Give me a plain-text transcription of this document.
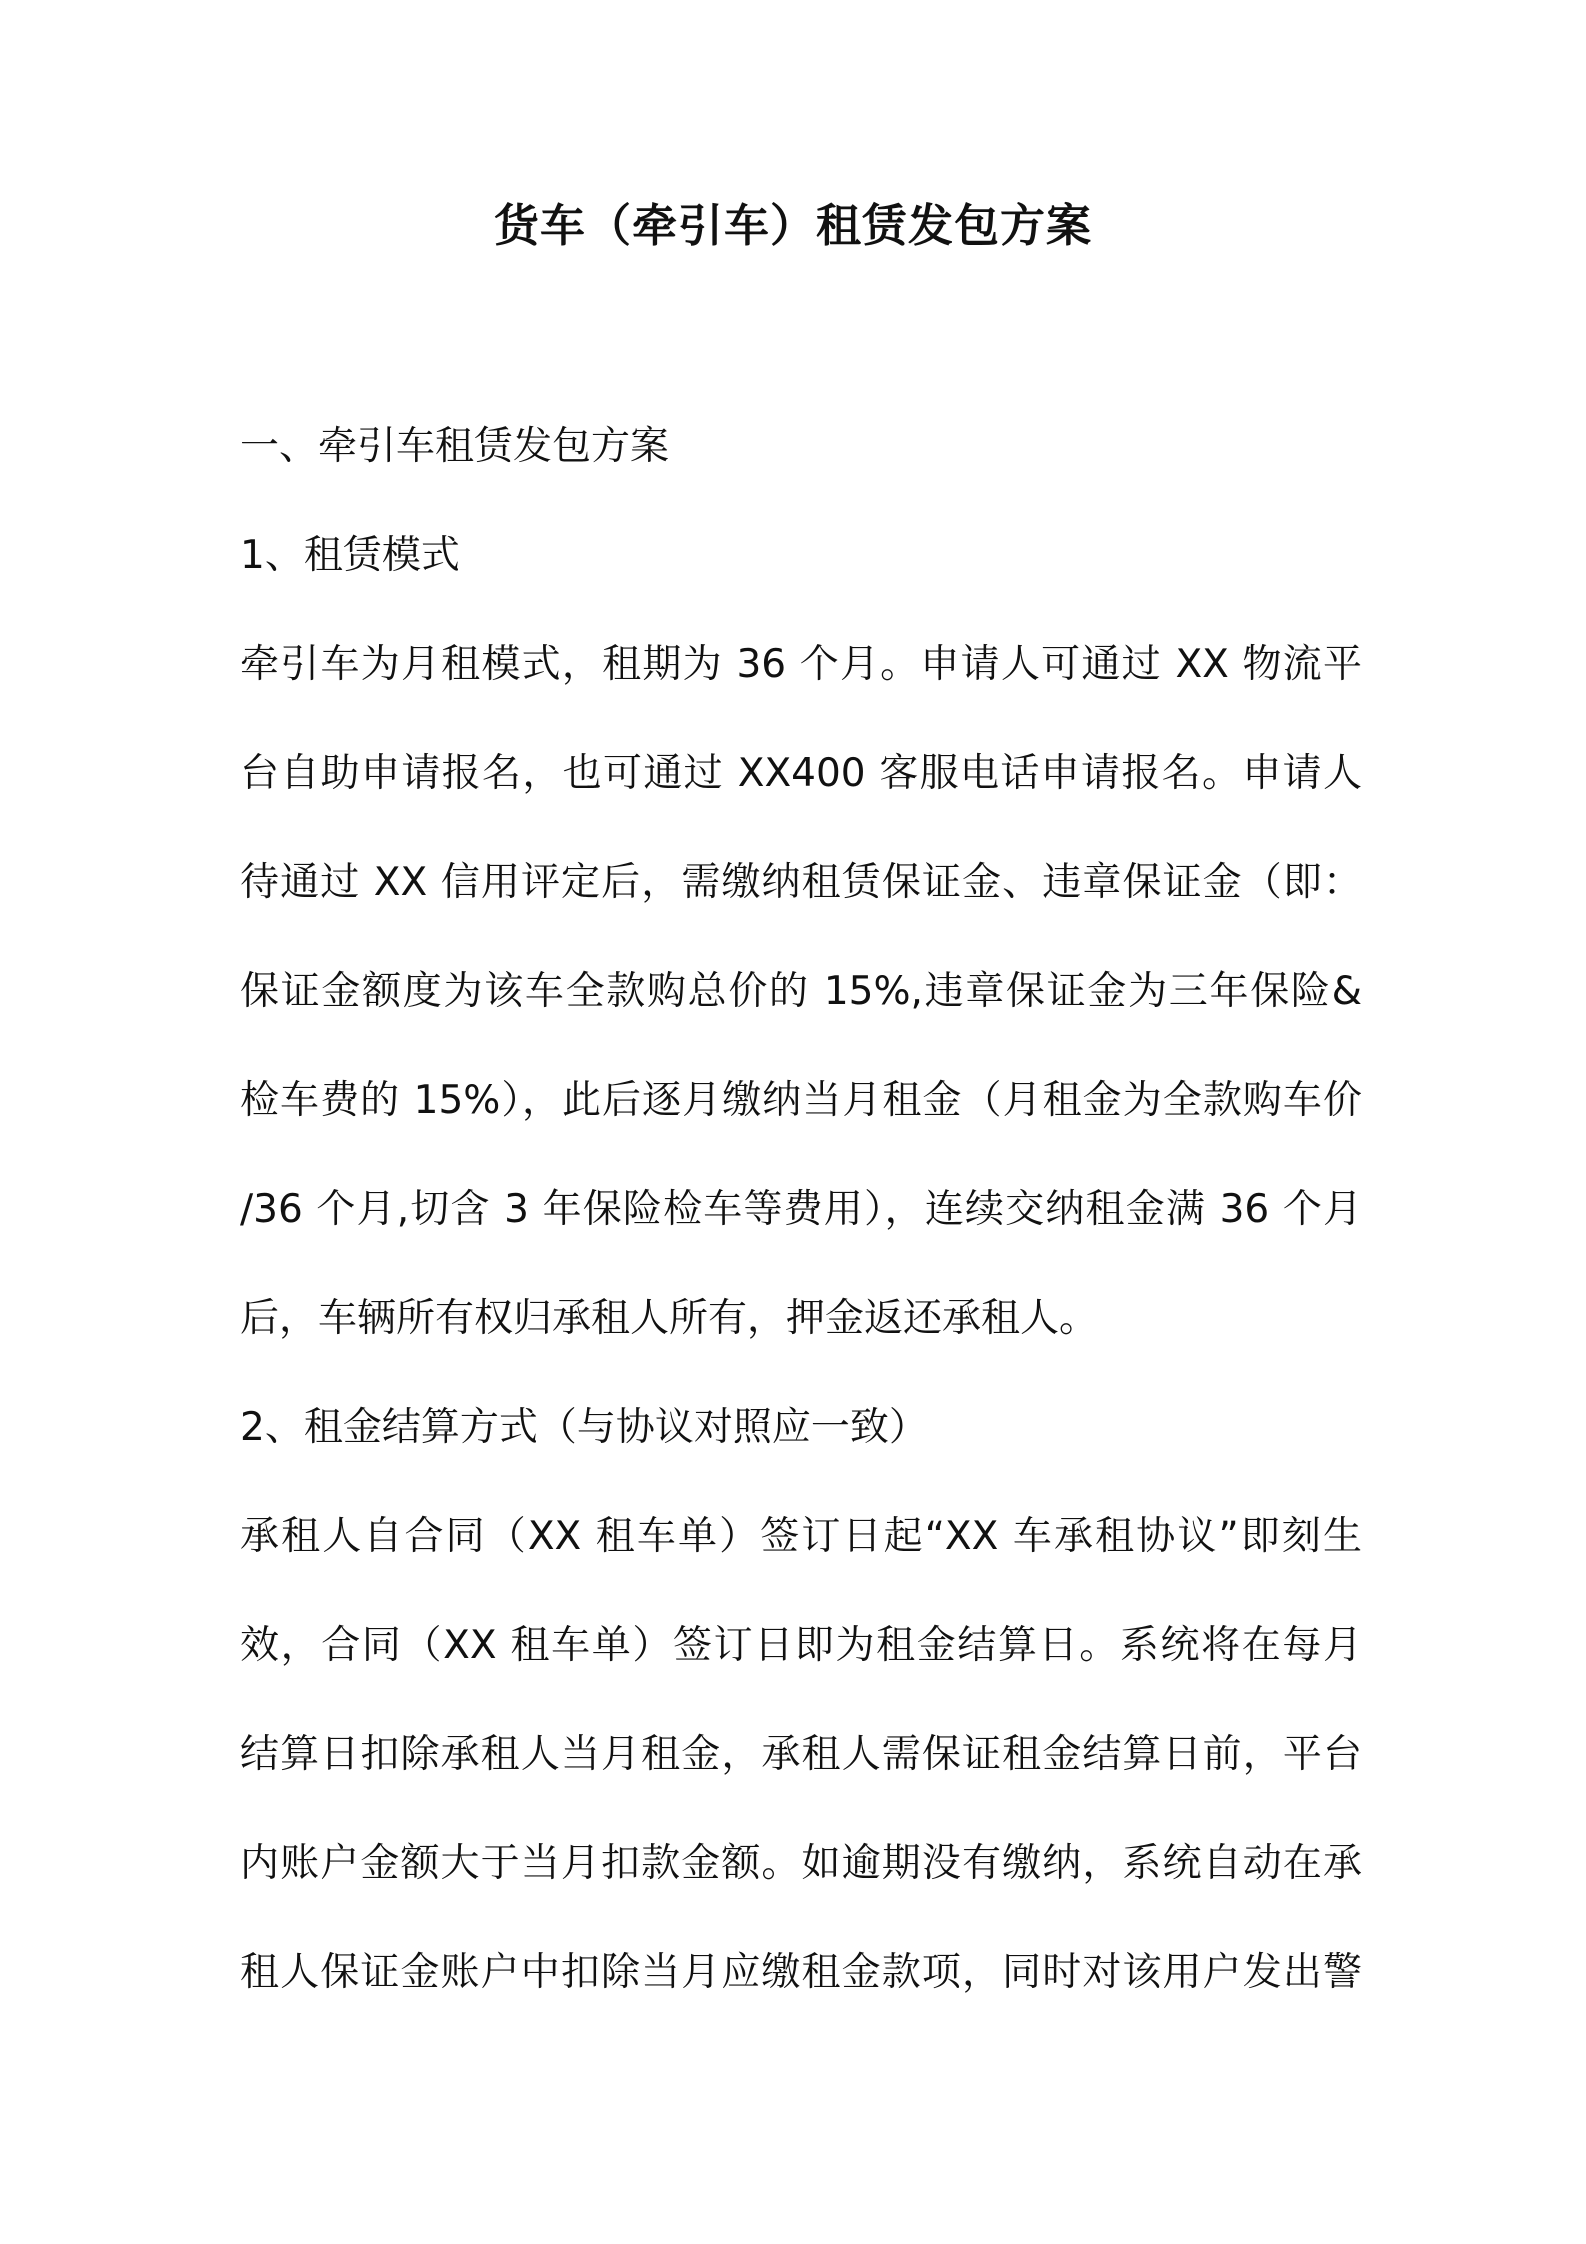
货车（牵引车）租赁发包方案
一、牵引车租赁发包方案
1、租赁模式
牵引车为月租模式，租期为 36 个月。申请人可通过 XX 物流平
台自助申请报名，也可通过 XX400 客服电话申请报名。申请人
待通过 XX 信用评定后，需缴纳租赁保证金、违章保证金（即：
保证金额度为该车全款购总价的 15%,违章保证金为三年保险&
检车费的 15%），此后逐月缴纳当月租金（月租金为全款购车价
/36 个月,切含 3 年保险检车等费用），连续交纳租金满 36 个月
后，车辆所有权归承租人所有，押金返还承租人。
2、租金结算方式（与协议对照应一致）
承租人自合同（XX 租车单）签订日起“XX 车承租协议”即刻生
效，合同（XX 租车单）签订日即为租金结算日。系统将在每月
结算日扣除承租人当月租金，承租人需保证租金结算日前，平台
内账户金额大于当月扣款金额。如逾期没有缴纳，系统自动在承
租人保证金账户中扣除当月应缴租金款项，同时对该用户发出警
